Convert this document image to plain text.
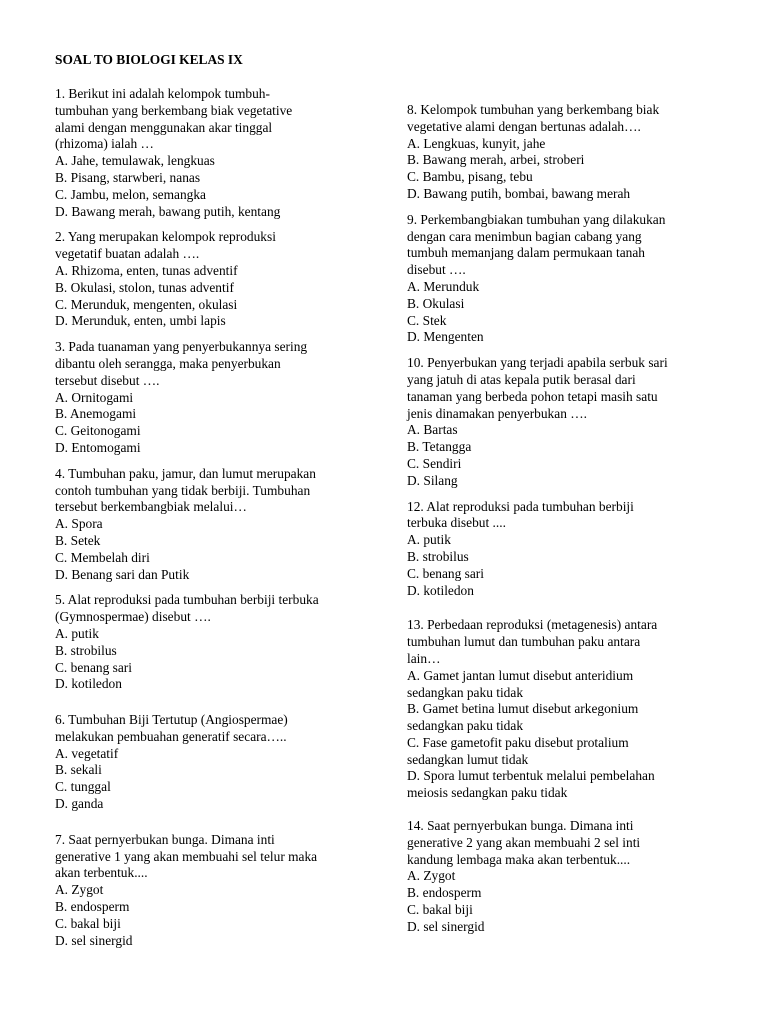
SOAL TO BIOLOGI KELAS IX
1. Berikut ini adalah kelompok tumbuh-
tumbuhan yang berkembang biak vegetative
alami dengan menggunakan akar tinggal
(rhizoma) ialah …
A. Jahe, temulawak, lengkuas
B. Pisang, starwberi, nanas
C. Jambu, melon, semangka
D. Bawang merah, bawang putih, kentang
2. Yang merupakan kelompok reproduksi
vegetatif buatan adalah ….
A. Rhizoma, enten, tunas adventif
B. Okulasi, stolon, tunas adventif
C. Merunduk, mengenten, okulasi
D. Merunduk, enten, umbi lapis
3. Pada tuanaman yang penyerbukannya sering
dibantu oleh serangga, maka penyerbukan
tersebut disebut ….
A. Ornitogami
B. Anemogami
C. Geitonogami
D. Entomogami
4. Tumbuhan paku, jamur, dan lumut merupakan
contoh tumbuhan yang tidak berbiji. Tumbuhan
tersebut berkembangbiak melalui…
A. Spora
B. Setek
C. Membelah diri
D. Benang sari dan Putik
5. Alat reproduksi pada tumbuhan berbiji terbuka
(Gymnospermae) disebut ….
A. putik
B. strobilus
C. benang sari
D. kotiledon
6. Tumbuhan Biji Tertutup (Angiospermae)
melakukan pembuahan generatif secara…..
A. vegetatif
B. sekali
C. tunggal
D. ganda
7. Saat pernyerbukan bunga. Dimana inti
generative 1 yang akan membuahi sel telur maka
akan terbentuk....
A. Zygot
B. endosperm
C. bakal biji
D. sel sinergid
8. Kelompok tumbuhan yang berkembang biak
vegetative alami dengan bertunas adalah….
A. Lengkuas, kunyit, jahe
B. Bawang merah, arbei, stroberi
C. Bambu, pisang, tebu
D. Bawang putih, bombai, bawang merah
9. Perkembangbiakan tumbuhan yang dilakukan
dengan cara menimbun bagian cabang yang
tumbuh memanjang dalam permukaan tanah
disebut ….
A. Merunduk
B. Okulasi
C. Stek
D. Mengenten
10. Penyerbukan yang terjadi apabila serbuk sari
yang jatuh di atas kepala putik berasal dari
tanaman yang berbeda pohon tetapi masih satu
jenis dinamakan penyerbukan ….
A. Bartas
B. Tetangga
C. Sendiri
D. Silang
12. Alat reproduksi pada tumbuhan berbiji
terbuka disebut ....
A. putik
B. strobilus
C. benang sari
D. kotiledon
13. Perbedaan reproduksi (metagenesis) antara
tumbuhan lumut dan tumbuhan paku antara
lain…
A. Gamet jantan lumut disebut anteridium
sedangkan paku tidak
B. Gamet betina lumut disebut arkegonium
sedangkan paku tidak
C. Fase gametofit paku disebut protalium
sedangkan lumut tidak
D. Spora lumut terbentuk melalui pembelahan
meiosis sedangkan paku tidak
14. Saat pernyerbukan bunga. Dimana inti
generative 2 yang akan membuahi 2 sel inti
kandung lembaga maka akan terbentuk....
A. Zygot
B. endosperm
C. bakal biji
D. sel sinergid
